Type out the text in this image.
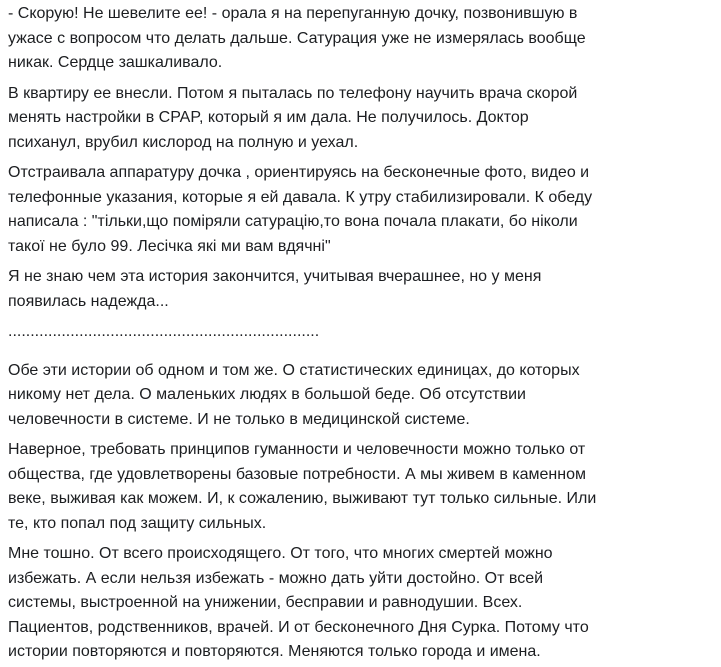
- Скорую! Не шевелите ее! - орала я на перепуганную дочку, позвонившую в
ужасе с вопросом что делать дальше. Сатурация уже не измерялась вообще
никак. Сердце зашкаливало.

В квартиру ее внесли. Потом я пыталась по телефону научить врача скорой
менять настройки в CPAP, который я им дала. Не получилось. Доктор
психанул, врубил кислород на полную и уехал.

Отстраивала аппаратуру дочка , ориентируясь на бесконечные фото, видео и
телефонные указания, которые я ей давала. К утру стабилизировали. К обеду
написала : "тільки,що поміряли сатурацію,то вона почала плакати, бо ніколи
такої не було 99. Лесічка які ми вам вдячні"

Я не знаю чем эта история закончится, учитывая вчерашнее, но у меня
появилась надежда...

......................................................................

Обе эти истории об одном и том же. О статистических единицах, до которых
никому нет дела. О маленьких людях в большой беде. Об отсутствии
человечности в системе. И не только в медицинской системе.

Наверное, требовать принципов гуманности и человечности можно только от
общества, где удовлетворены базовые потребности. А мы живем в каменном
веке, выживая как можем. И, к сожалению, выживают тут только сильные. Или
те, кто попал под защиту сильных.

Мне тошно. От всего происходящего. От того, что многих смертей можно
избежать. А если нельзя избежать - можно дать уйти достойно. От всей
системы, выстроенной на унижении, бесправии и равнодушии. Всех.
Пациентов, родственников, врачей. И от бесконечного Дня Сурка. Потому что
истории повторяются и повторяются. Меняются только города и имена.
